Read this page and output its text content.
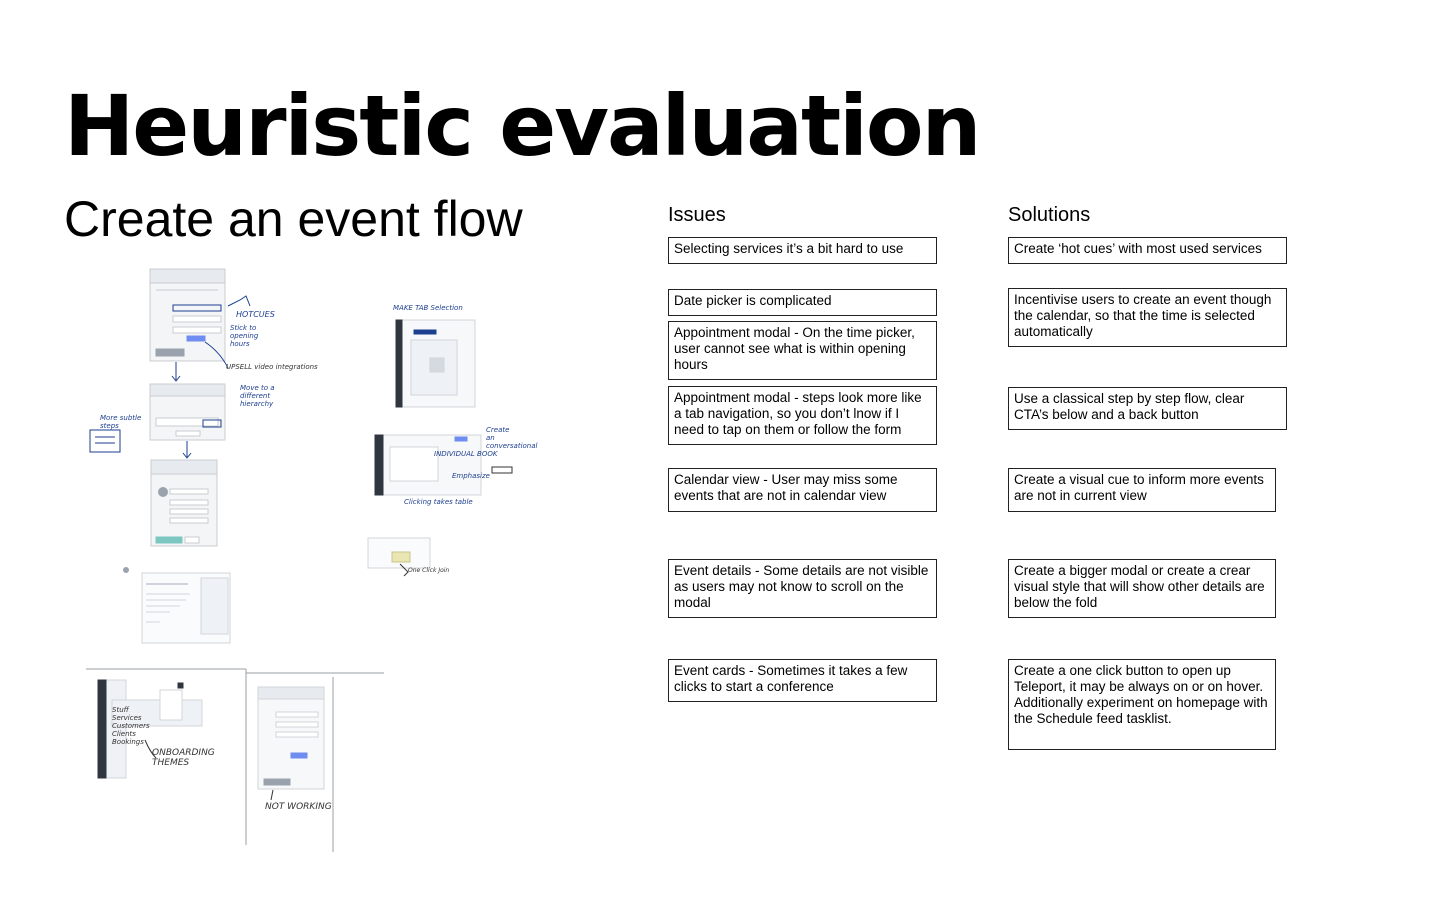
Heuristic evaluation
Create an event flow	Issues	Solutions
Selecting services it’s a bit hard to use
Date picker is complicated
Appointment modal - On the time picker, user cannot see what is within opening hours
Appointment modal - steps look more like a tab navigation, so you don’t lnow if I need to tap on them or follow the form
Calendar view - User may miss some events that are not in calendar view
Event details - Some details are not visible as users may not know to scroll on the modal
Event cards - Sometimes it takes a few clicks to start a conference
Create ‘hot cues’ with most used services
Incentivise users to create an event though the calendar, so that the time is selected automatically
Use a classical step by step flow, clear CTA’s below and a back button
Create a visual cue to inform more events are not in current view
Create a bigger modal or create a crear visual style that will show other details are below the fold
Create a one click button to open up Teleport, it may be always on or on hover. Additionally experiment on homepage with the Schedule feed tasklist.
HOTCUES
Stick to opening hours
UPSELL video integrations
Move to a different hierarchy
More subtle steps
MAKE TAB Selection
Create an conversational
INDIVIDUAL BOOK
Emphasize
Clicking takes table
One Click Join
Stuff Services Customers Clients Bookings
ONBOARDING THEMES
NOT WORKING
